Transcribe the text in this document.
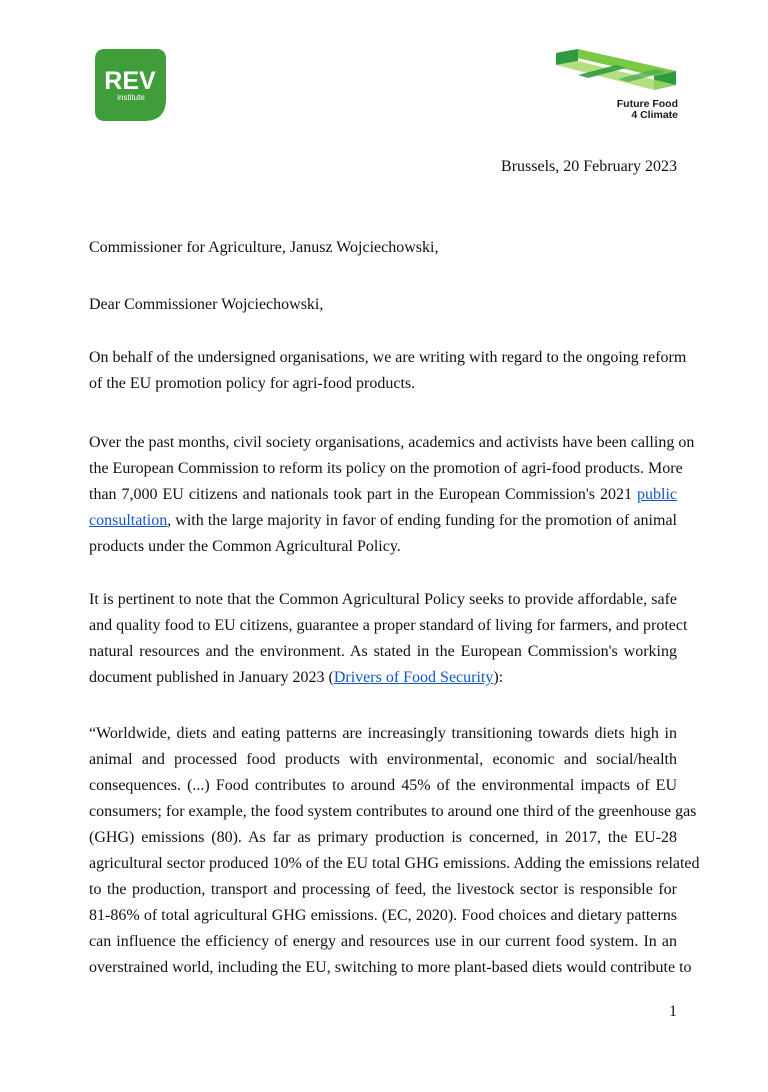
REV
institute
Future Food
4 Climate
Brussels, 20 February 2023

Commissioner for Agriculture, Janusz Wojciechowski,

Dear Commissioner Wojciechowski,

On behalf of the undersigned organisations, we are writing with regard to the ongoing reform
of the EU promotion policy for agri-food products.

Over the past months, civil society organisations, academics and activists have been calling on
the European Commission to reform its policy on the promotion of agri-food products. More
than 7,000 EU citizens and nationals took part in the European Commission's 2021 public
consultation, with the large majority in favor of ending funding for the promotion of animal
products under the Common Agricultural Policy.

It is pertinent to note that the Common Agricultural Policy seeks to provide affordable, safe
and quality food to EU citizens, guarantee a proper standard of living for farmers, and protect
natural resources and the environment. As stated in the European Commission's working
document published in January 2023 (Drivers of Food Security):

“Worldwide, diets and eating patterns are increasingly transitioning towards diets high in
animal and processed food products with environmental, economic and social/health
consequences. (...) Food contributes to around 45% of the environmental impacts of EU
consumers; for example, the food system contributes to around one third of the greenhouse gas
(GHG) emissions (80). As far as primary production is concerned, in 2017, the EU-28
agricultural sector produced 10% of the EU total GHG emissions. Adding the emissions related
to the production, transport and processing of feed, the livestock sector is responsible for
81-86% of total agricultural GHG emissions. (EC, 2020). Food choices and dietary patterns
can influence the efficiency of energy and resources use in our current food system. In an
overstrained world, including the EU, switching to more plant-based diets would contribute to

1
